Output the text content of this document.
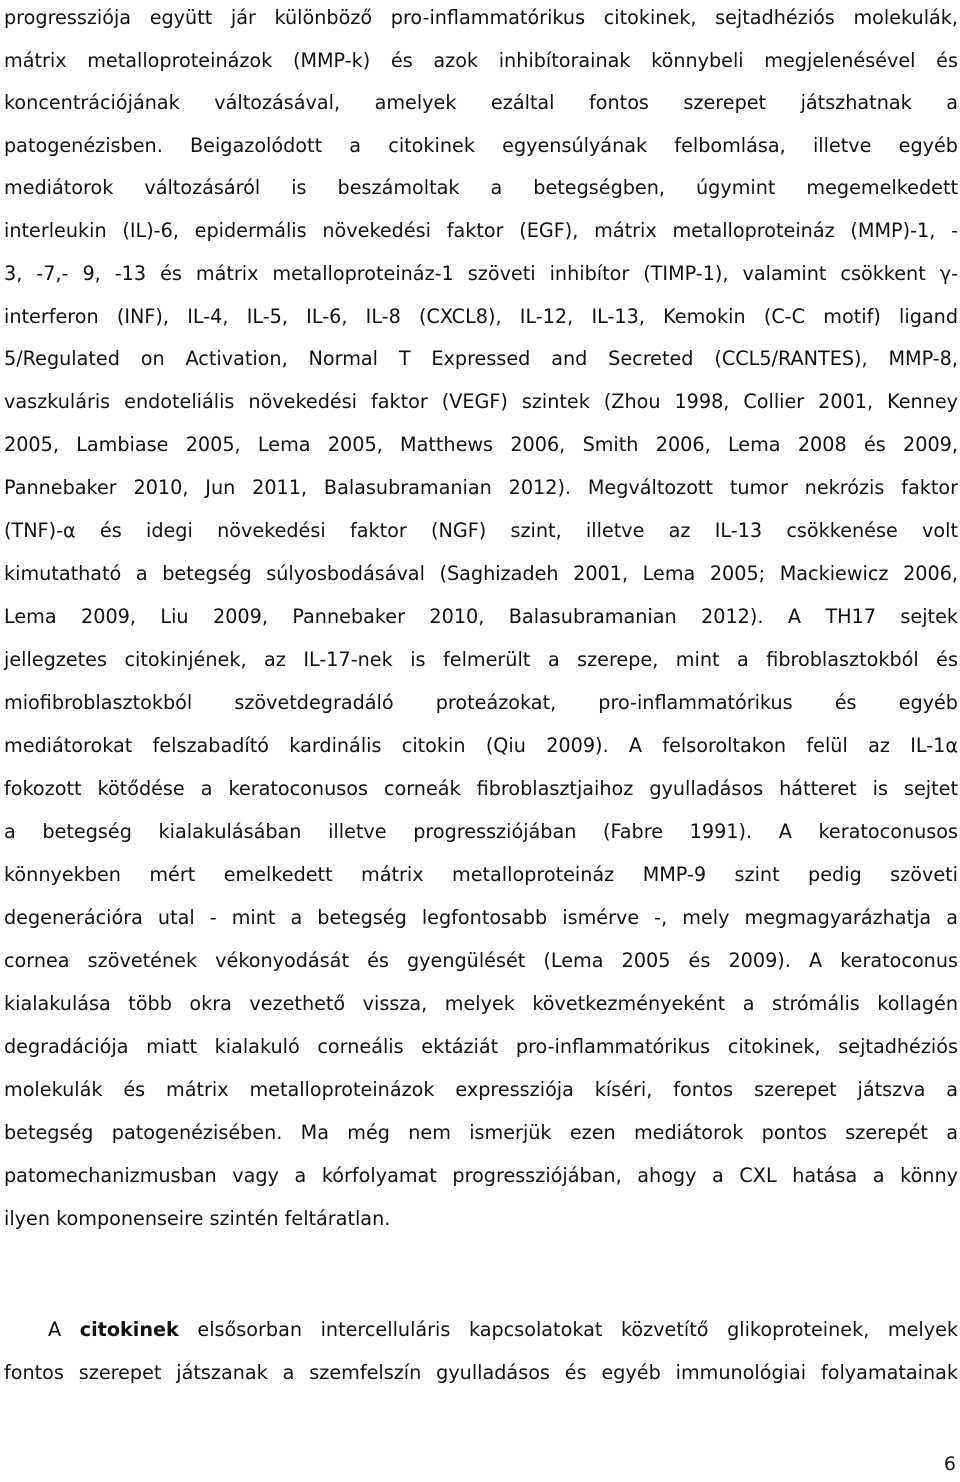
progressziója együtt jár különböző pro-inflammatórikus citokinek, sejtadhéziós molekulák,
mátrix metalloproteinázok (MMP-k) és azok inhibítorainak könnybeli megjelenésével és
koncentrációjának változásával, amelyek ezáltal fontos szerepet játszhatnak a
patogenézisben. Beigazolódott a citokinek egyensúlyának felbomlása, illetve egyéb
mediátorok változásáról is beszámoltak a betegségben, úgymint megemelkedett
interleukin (IL)-6, epidermális növekedési faktor (EGF), mátrix metalloproteináz (MMP)-1, -
3, -7,- 9, -13 és mátrix metalloproteináz-1 szöveti inhibítor (TIMP-1), valamint csökkent γ-
interferon (INF), IL-4, IL-5, IL-6, IL-8 (CXCL8), IL-12, IL-13, Kemokin (C-C motif) ligand
5/Regulated on Activation, Normal T Expressed and Secreted (CCL5/RANTES), MMP-8,
vaszkuláris endoteliális növekedési faktor (VEGF) szintek (Zhou 1998, Collier 2001, Kenney
2005, Lambiase 2005, Lema 2005, Matthews 2006, Smith 2006, Lema 2008 és 2009,
Pannebaker 2010, Jun 2011, Balasubramanian 2012). Megváltozott tumor nekrózis faktor
(TNF)-α és idegi növekedési faktor (NGF) szint, illetve az IL-13 csökkenése volt
kimutatható a betegség súlyosbodásával (Saghizadeh 2001, Lema 2005; Mackiewicz 2006,
Lema 2009, Liu 2009, Pannebaker 2010, Balasubramanian 2012). A TH17 sejtek
jellegzetes citokinjének, az IL-17-nek is felmerült a szerepe, mint a fibroblasztokból és
miofibroblasztokból szövetdegradáló proteázokat, pro-inflammatórikus és egyéb
mediátorokat felszabadító kardinális citokin (Qiu 2009). A felsoroltakon felül az IL-1α
fokozott kötődése a keratoconusos corneák fibroblasztjaihoz gyulladásos hátteret is sejtet
a betegség kialakulásában illetve progressziójában (Fabre 1991). A keratoconusos
könnyekben mért emelkedett mátrix metalloproteináz MMP-9 szint pedig szöveti
degenerációra utal - mint a betegség legfontosabb ismérve -, mely megmagyarázhatja a
cornea szövetének vékonyodását és gyengülését (Lema 2005 és 2009). A keratoconus
kialakulása több okra vezethető vissza, melyek következményeként a strómális kollagén
degradációja miatt kialakuló corneális ektáziát pro-inflammatórikus citokinek, sejtadhéziós
molekulák és mátrix metalloproteinázok expressziója kíséri, fontos szerepet játszva a
betegség patogenézisében. Ma még nem ismerjük ezen mediátorok pontos szerepét a
patomechanizmusban vagy a kórfolyamat progressziójában, ahogy a CXL hatása a könny
ilyen komponenseire szintén feltáratlan.
A citokinek elsősorban intercelluláris kapcsolatokat közvetítő glikoproteinek, melyek
fontos szerepet játszanak a szemfelszín gyulladásos és egyéb immunológiai folyamatainak
6
